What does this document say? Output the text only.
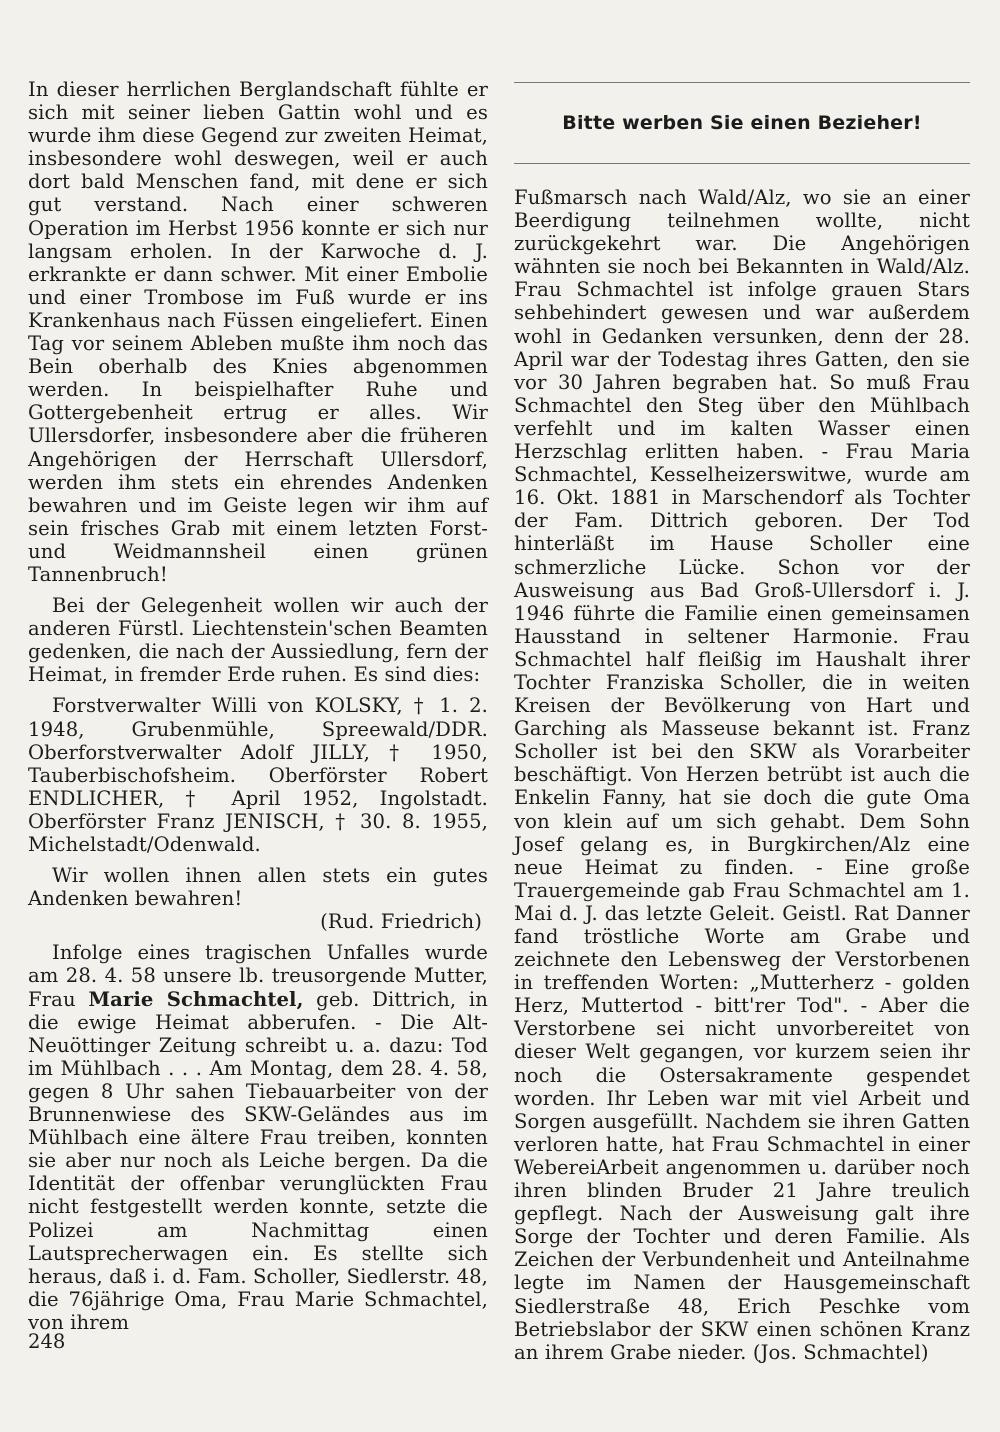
In dieser herrlichen Berglandschaft fühlte er sich mit seiner lieben Gattin wohl und es wurde ihm diese Gegend zur zweiten Heimat, insbesondere wohl deswegen, weil er auch dort bald Menschen fand, mit dene er sich gut verstand. Nach einer schweren Operation im Herbst 1956 konnte er sich nur langsam erholen. In der Karwoche d. J. erkrankte er dann schwer. Mit einer Embolie und einer Trombose im Fuß wurde er ins Krankenhaus nach Füssen eingeliefert. Einen Tag vor seinem Ableben mußte ihm noch das Bein oberhalb des Knies abgenommen werden. In beispielhafter Ruhe und Gottergebenheit ertrug er alles. Wir Ullersdorfer, insbesondere aber die früheren Angehörigen der Herrschaft Ullersdorf, werden ihm stets ein ehrendes Andenken bewahren und im Geiste legen wir ihm auf sein frisches Grab mit einem letzten Forst- und Weidmannsheil einen grünen Tannenbruch!

Bei der Gelegenheit wollen wir auch der anderen Fürstl. Liechtenstein'schen Beamten gedenken, die nach der Aussiedlung, fern der Heimat, in fremder Erde ruhen. Es sind dies:

Forstverwalter Willi von KOLSKY, † 1. 2. 1948, Grubenmühle, Spreewald/DDR. Oberforstverwalter Adolf JILLY, † 1950, Tauberbischofsheim. Oberförster Robert ENDLICHER, † April 1952, Ingolstadt. Oberförster Franz JENISCH, † 30. 8. 1955, Michelstadt/Odenwald.

Wir wollen ihnen allen stets ein gutes Andenken bewahren!

(Rud. Friedrich)

Infolge eines tragischen Unfalles wurde am 28. 4. 58 unsere lb. treusorgende Mutter, Frau Marie Schmachtel, geb. Dittrich, in die ewige Heimat abberufen. - Die Alt-Neuöttinger Zeitung schreibt u. a. dazu: Tod im Mühlbach . . . Am Montag, dem 28. 4. 58, gegen 8 Uhr sahen Tiebauarbeiter von der Brunnenwiese des SKW-Geländes aus im Mühlbach eine ältere Frau treiben, konnten sie aber nur noch als Leiche bergen. Da die Identität der offenbar verunglückten Frau nicht festgestellt werden konnte, setzte die Polizei am Nachmittag einen Lautsprecherwagen ein. Es stellte sich heraus, daß i. d. Fam. Scholler, Siedlerstr. 48, die 76jährige Oma, Frau Marie Schmachtel, von ihrem

Bitte werben Sie einen Bezieher!

Fußmarsch nach Wald/Alz, wo sie an einer Beerdigung teilnehmen wollte, nicht zurückgekehrt war. Die Angehörigen wähnten sie noch bei Bekannten in Wald/Alz. Frau Schmachtel ist infolge grauen Stars sehbehindert gewesen und war außerdem wohl in Gedanken versunken, denn der 28. April war der Todestag ihres Gatten, den sie vor 30 Jahren begraben hat. So muß Frau Schmachtel den Steg über den Mühlbach verfehlt und im kalten Wasser einen Herzschlag erlitten haben. - Frau Maria Schmachtel, Kesselheizerswitwe, wurde am 16. Okt. 1881 in Marschendorf als Tochter der Fam. Dittrich geboren. Der Tod hinterläßt im Hause Scholler eine schmerzliche Lücke. Schon vor der Ausweisung aus Bad Groß-Ullersdorf i. J. 1946 führte die Familie einen gemeinsamen Hausstand in seltener Harmonie. Frau Schmachtel half fleißig im Haushalt ihrer Tochter Franziska Scholler, die in weiten Kreisen der Bevölkerung von Hart und Garching als Masseuse bekannt ist. Franz Scholler ist bei den SKW als Vorarbeiter beschäftigt. Von Herzen betrübt ist auch die Enkelin Fanny, hat sie doch die gute Oma von klein auf um sich gehabt. Dem Sohn Josef gelang es, in Burgkirchen/Alz eine neue Heimat zu finden. - Eine große Trauergemeinde gab Frau Schmachtel am 1. Mai d. J. das letzte Geleit. Geistl. Rat Danner fand tröstliche Worte am Grabe und zeichnete den Lebensweg der Verstorbenen in treffenden Worten: „Mutterherz - golden Herz, Muttertod - bitt'rer Tod". - Aber die Verstorbene sei nicht unvorbereitet von dieser Welt gegangen, vor kurzem seien ihr noch die Ostersakramente gespendet worden. Ihr Leben war mit viel Arbeit und Sorgen ausgefüllt. Nachdem sie ihren Gatten verloren hatte, hat Frau Schmachtel in einer WebereiArbeit angenommen u. darüber noch ihren blinden Bruder 21 Jahre treulich gepflegt. Nach der Ausweisung galt ihre Sorge der Tochter und deren Familie. Als Zeichen der Verbundenheit und Anteilnahme legte im Namen der Hausgemeinschaft Siedlerstraße 48, Erich Peschke vom Betriebslabor der SKW einen schönen Kranz an ihrem Grabe nieder. (Jos. Schmachtel)

248
